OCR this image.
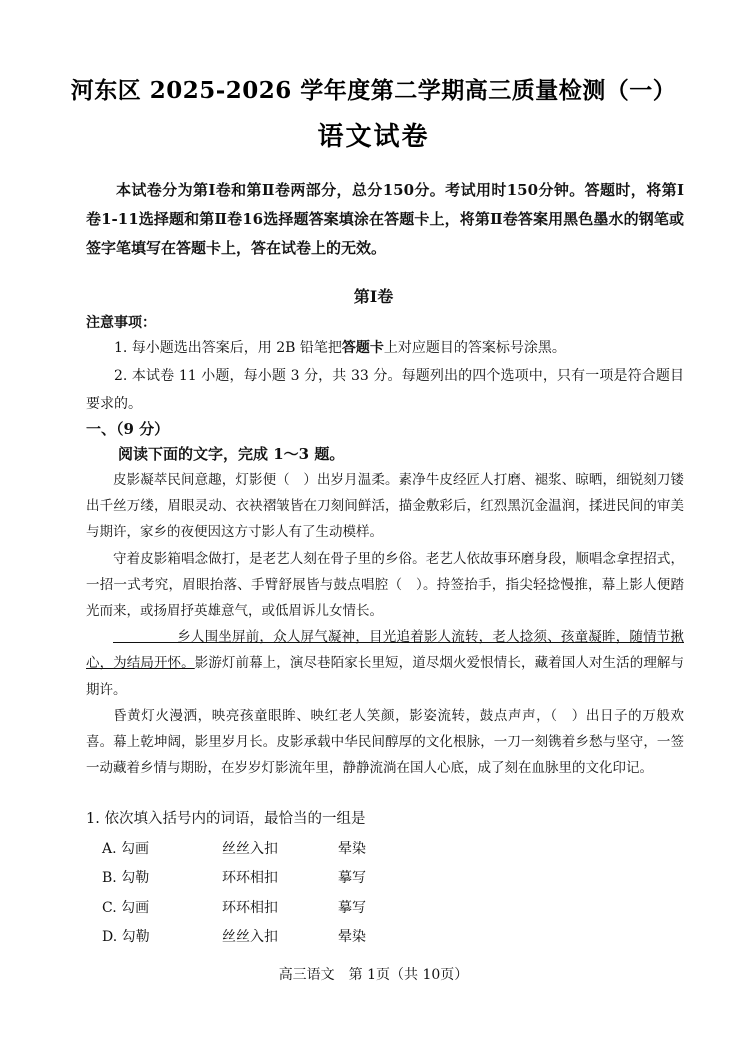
河东区 2025-2026 学年度第二学期高三质量检测（一）
语文试卷
本试卷分为第Ⅰ卷和第Ⅱ卷两部分，总分150分。考试用时150分钟。答题时，将第Ⅰ卷1-11选择题和第Ⅱ卷16选择题答案填涂在答题卡上，将第Ⅱ卷答案用黑色墨水的钢笔或签字笔填写在答题卡上，答在试卷上的无效。
第Ⅰ卷
注意事项：
1. 每小题选出答案后，用 2B 铅笔把答题卡上对应题目的答案标号涂黑。
2. 本试卷 11 小题，每小题 3 分，共 33 分。每题列出的四个选项中，只有一项是符合题目要求的。
一、（9 分）
阅读下面的文字，完成 1～3 题。

皮影凝萃民间意趣，灯影便（　）出岁月温柔。素净牛皮经匠人打磨、褪浆、晾晒，细锐刻刀镂出千丝万缕，眉眼灵动、衣袂褶皱皆在刀刻间鲜活，描金敷彩后，红烈黑沉金温润，揉进民间的审美与期许，家乡的夜便因这方寸影人有了生动模样。

守着皮影箱唱念做打，是老艺人刻在骨子里的乡俗。老艺人依故事环磨身段，顺唱念拿捏招式，一招一式考究，眉眼抬落、手臂舒展皆与鼓点唱腔（　）。持签抬手，指尖轻捻慢推，幕上影人便踏光而来，或扬眉抒英雄意气，或低眉诉儿女情长。

乡人围坐屏前，众人屏气凝神，目光追着影人流转，老人捻须、孩童凝眸，随情节揪心，为结局开怀。影游灯前幕上，演尽巷陌家长里短，道尽烟火爱恨情长，藏着国人对生活的理解与期许。

昏黄灯火漫洒，映亮孩童眼眸、映红老人笑颜，影姿流转，鼓点声声，（　）出日子的万般欢喜。幕上乾坤阔，影里岁月长。皮影承载中华民间醇厚的文化根脉，一刀一刻镌着乡愁与坚守，一签一动藏着乡情与期盼，在岁岁灯影流年里，静静流淌在国人心底，成了刻在血脉里的文化印记。

1. 依次填入括号内的词语，最恰当的一组是
A. 勾画	丝丝入扣	晕染
B. 勾勒	环环相扣	摹写
C. 勾画	环环相扣	摹写
D. 勾勒	丝丝入扣	晕染
高三语文　第 1页（共 10页）
